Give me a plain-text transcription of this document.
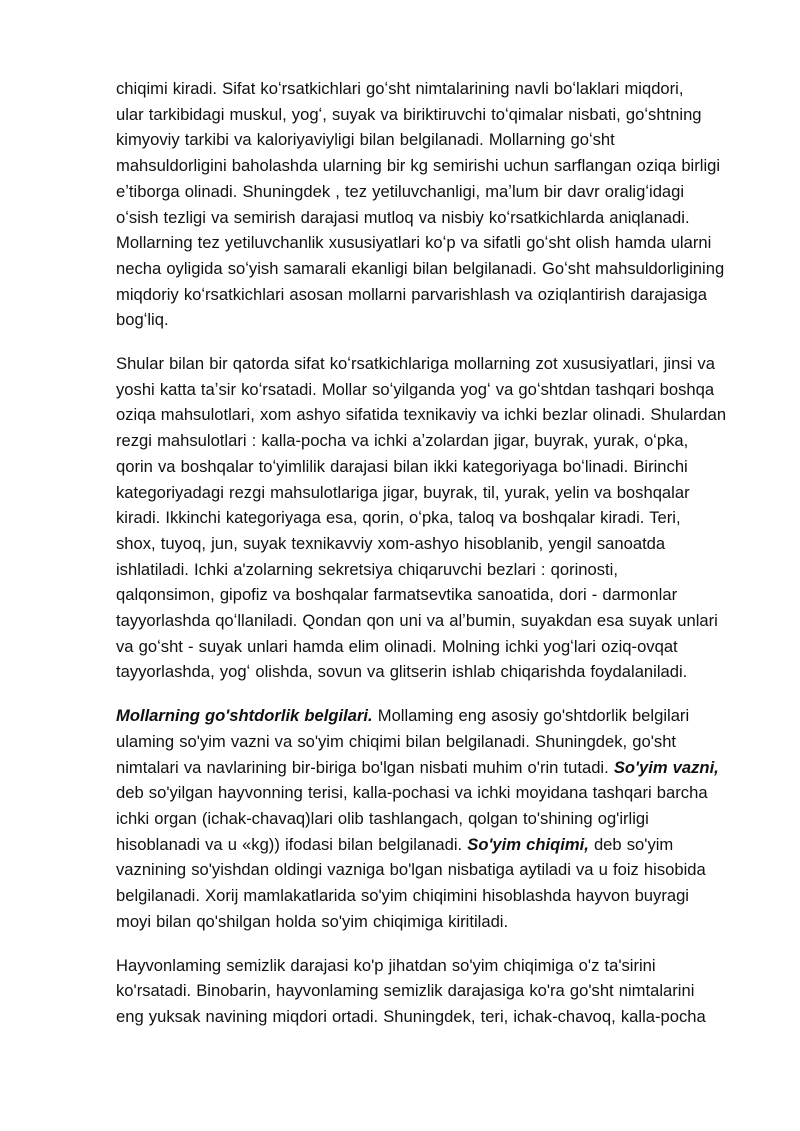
chiqimi kiradi. Sifat koʻrsatkichlari goʻsht nimtalarining navli boʻlaklari miqdori,
ular tarkibidagi muskul, yogʻ, suyak va biriktiruvchi toʻqimalar nisbati, goʻshtning
kimyoviy tarkibi va kaloriyaviyligi bilan belgilanadi. Mollarning goʻsht
mahsuldorligini baholashda ularning bir kg semirishi uchun sarflangan oziqa birligi
eʼtiborga olinadi. Shuningdek , tez yetiluvchanligi, maʼlum bir davr oraligʻidagi
oʻsish tezligi va semirish darajasi mutloq va nisbiy koʻrsatkichlarda aniqlanadi.
Mollarning tez yetiluvchanlik xususiyatlari koʻp va sifatli goʻsht olish hamda ularni
necha oyligida soʻyish samarali ekanligi bilan belgilanadi. Goʻsht mahsuldorligining
miqdoriy koʻrsatkichlari asosan mollarni parvarishlash va oziqlantirish darajasiga
bogʻliq.

Shular bilan bir qatorda sifat koʻrsatkichlariga mollarning zot xususiyatlari, jinsi va
yoshi katta taʼsir koʻrsatadi. Mollar soʻyilganda yogʻ va goʻshtdan tashqari boshqa
oziqa mahsulotlari, xom ashyo sifatida texnikaviy va ichki bezlar olinadi. Shulardan
rezgi mahsulotlari : kalla-pocha va ichki aʼzolardan jigar, buyrak, yurak, oʻpka,
qorin va boshqalar toʻyimlilik darajasi bilan ikki kategoriyaga boʻlinadi. Birinchi
kategoriyadagi rezgi mahsulotlariga jigar, buyrak, til, yurak, yelin va boshqalar
kiradi. Ikkinchi kategoriyaga esa, qorin, oʻpka, taloq va boshqalar kiradi. Teri,
shox, tuyoq, jun, suyak texnikavviy xom-ashyo hisoblanib, yengil sanoatda
ishlatiladi. Ichki a'zolarning sekretsiya chiqaruvchi bezlari : qorinosti,
qalqonsimon, gipofiz va boshqalar farmatsevtika sanoatida, dori - darmonlar
tayyorlashda qoʻllaniladi. Qondan qon uni va alʼbumin, suyakdan esa suyak unlari
va goʻsht - suyak unlari hamda elim olinadi. Molning ichki yogʻlari oziq-ovqat
tayyorlashda, yogʻ olishda, sovun va glitserin ishlab chiqarishda foydalaniladi.

Mollarning go'shtdorlik belgilari. Mollaming eng asosiy go'shtdorlik belgilari
ulaming so'yim vazni va so'yim chiqimi bilan belgilanadi. Shuningdek, go'sht
nimtalari va navlarining bir-biriga bo'lgan nisbati muhim o'rin tutadi. So'yim vazni,
deb so'yilgan hayvonning terisi, kalla-pochasi va ichki moyidana tashqari barcha
ichki organ (ichak-chavaq)lari olib tashlangach, qolgan to'shining og'irligi
hisoblanadi va u «kg)) ifodasi bilan belgilanadi. So'yim chiqimi, deb so'yim
vaznining so'yishdan oldingi vazniga bo'lgan nisbatiga aytiladi va u foiz hisobida
belgilanadi. Xorij mamlakatlarida so'yim chiqimini hisoblashda hayvon buyragi
moyi bilan qo'shilgan holda so'yim chiqimiga kiritiladi.

Hayvonlaming semizlik darajasi ko'p jihatdan so'yim chiqimiga o'z ta'sirini
ko'rsatadi. Binobarin, hayvonlaming semizlik darajasiga ko'ra go'sht nimtalarini
eng yuksak navining miqdori ortadi. Shuningdek, teri, ichak-chavoq, kalla-pocha
